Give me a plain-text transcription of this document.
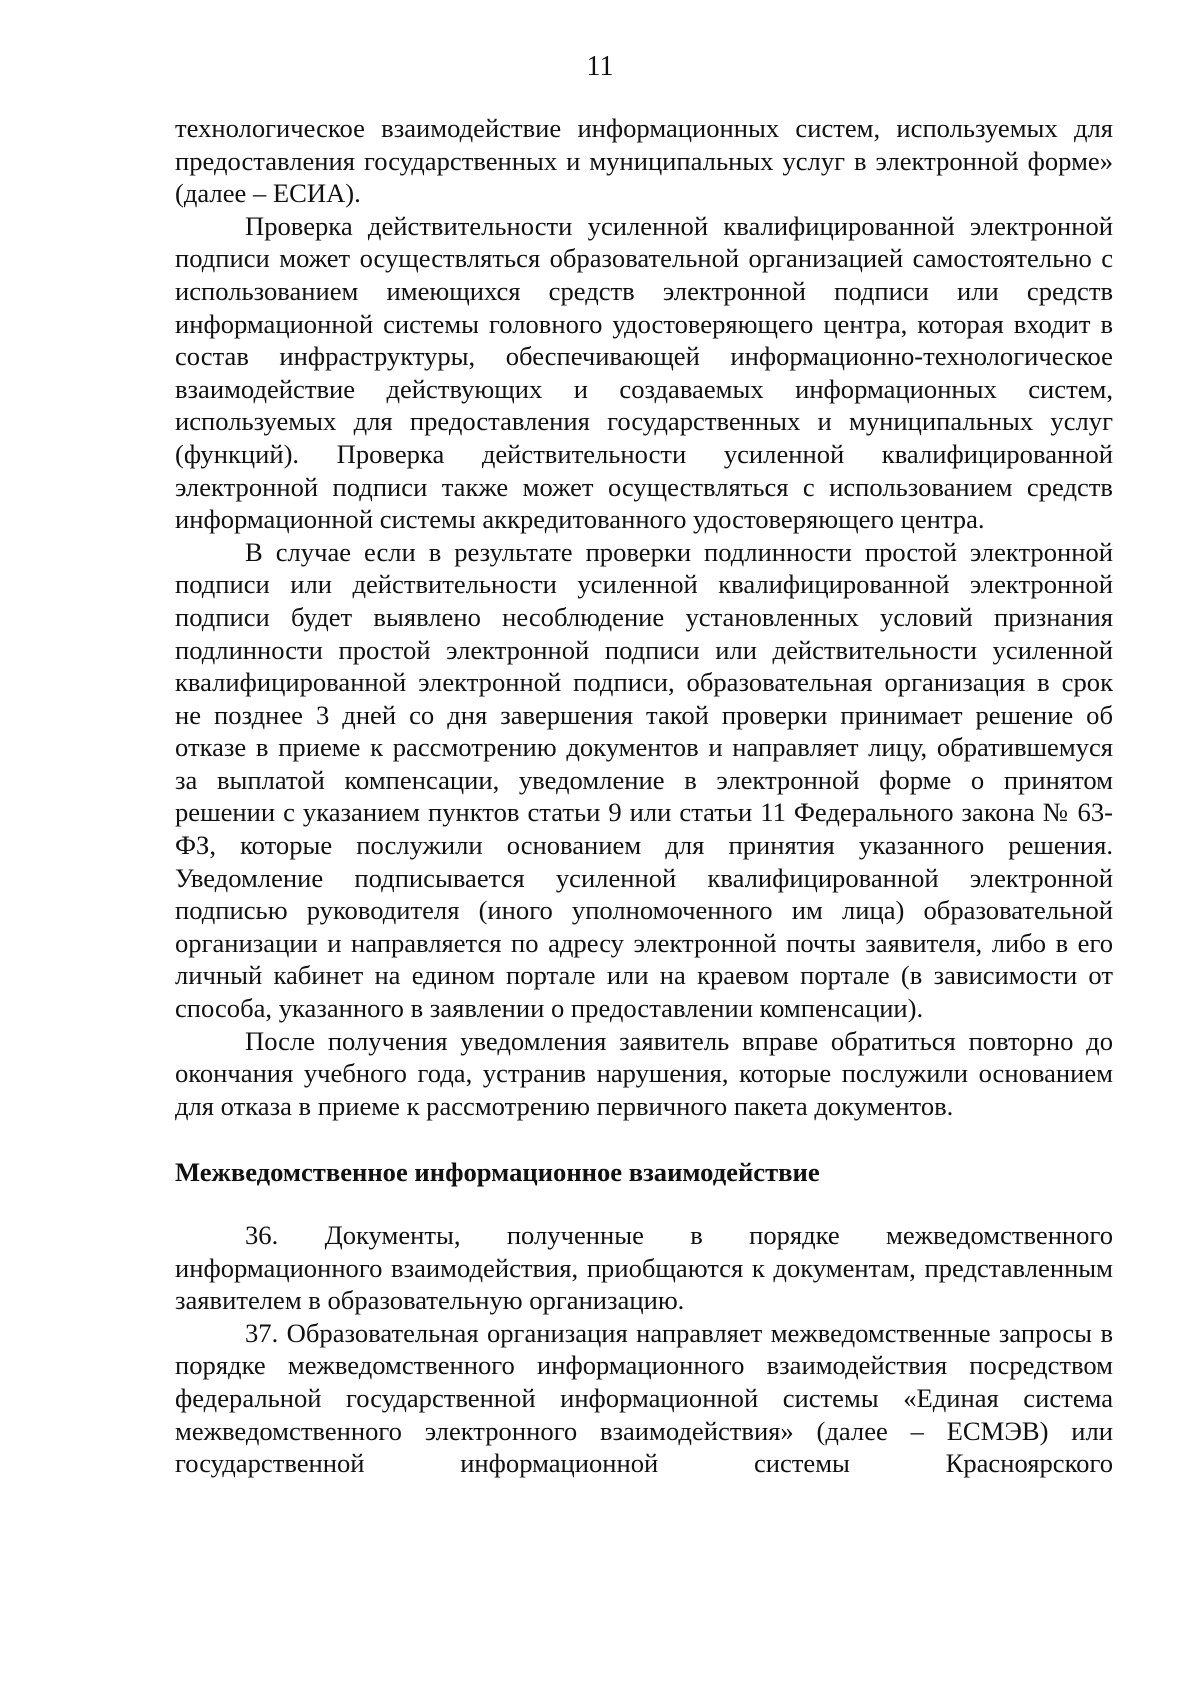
11

технологическое взаимодействие информационных систем, используемых для предоставления государственных и муниципальных услуг в электронной форме» (далее – ЕСИА).

Проверка действительности усиленной квалифицированной электронной подписи может осуществляться образовательной организацией самостоятельно с использованием имеющихся средств электронной подписи или средств информационной системы головного удостоверяющего центра, которая входит в состав инфраструктуры, обеспечивающей информационно-технологическое взаимодействие действующих и создаваемых информационных систем, используемых для предоставления государственных и муниципальных услуг (функций). Проверка действительности усиленной квалифицированной электронной подписи также может осуществляться с использованием средств информационной системы аккредитованного удостоверяющего центра.

В случае если в результате проверки подлинности простой электронной подписи или действительности усиленной квалифицированной электронной подписи будет выявлено несоблюдение установленных условий признания подлинности простой электронной подписи или действительности усиленной квалифицированной электронной подписи, образовательная организация в срок не позднее 3 дней со дня завершения такой проверки принимает решение об отказе в приеме к рассмотрению документов и направляет лицу, обратившемуся за выплатой компенсации, уведомление в электронной форме о принятом решении с указанием пунктов статьи 9 или статьи 11 Федерального закона № 63-ФЗ, которые послужили основанием для принятия указанного решения. Уведомление подписывается усиленной квалифицированной электронной подписью руководителя (иного уполномоченного им лица) образовательной организации и направляется по адресу электронной почты заявителя, либо в его личный кабинет на едином портале или на краевом портале (в зависимости от способа, указанного в заявлении о предоставлении компенсации).

После получения уведомления заявитель вправе обратиться повторно до окончания учебного года, устранив нарушения, которые послужили основанием для отказа в приеме к рассмотрению первичного пакета документов.

Межведомственное информационное взаимодействие

36. Документы, полученные в порядке межведомственного информационного взаимодействия, приобщаются к документам, представленным заявителем в образовательную организацию.

37. Образовательная организация направляет межведомственные запросы в порядке межведомственного информационного взаимодействия посредством федеральной государственной информационной системы «Единая система межведомственного электронного взаимодействия» (далее – ЕСМЭВ) или государственной информационной системы Красноярского
